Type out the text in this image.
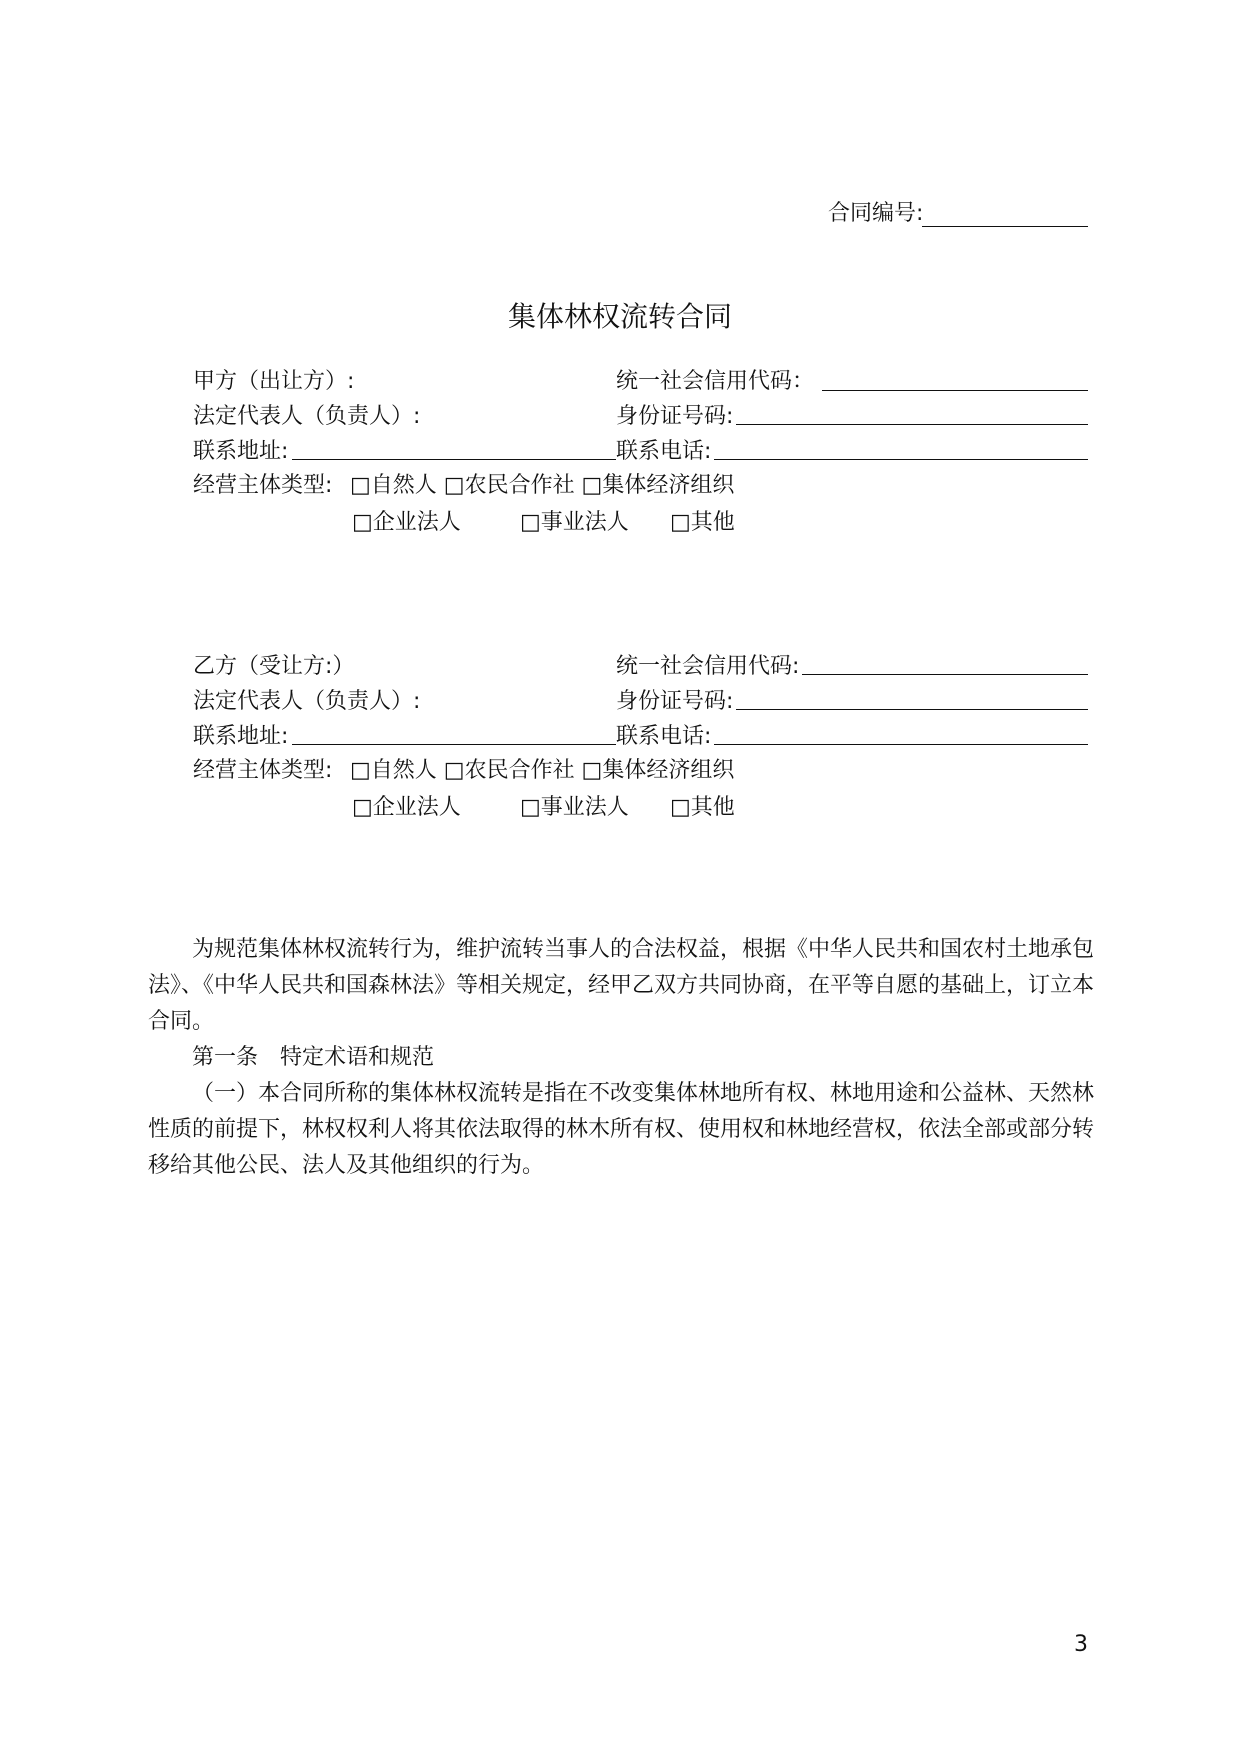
合同编号:
集体林权流转合同
甲方（出让方）:	统一社会信用代码：
法定代表人（负责人）:	身份证号码:
联系地址:	联系电话:
经营主体类型: □自然人 □农民合作社 □集体经济组织
□企业法人	□事业法人 □其他
乙方（受让方:）	统一社会信用代码:
法定代表人（负责人）:	身份证号码:
联系地址:	联系电话:
经营主体类型: □自然人 □农民合作社 □集体经济组织
□企业法人	□事业法人 □其他

为规范集体林权流转行为，维护流转当事人的合法权益，根据《中华人民共和国农村土地承包法》、《中华人民共和国森林法》等相关规定，经甲乙双方共同协商，在平等自愿的基础上，订立本合同。

第一条　特定术语和规范

（一）本合同所称的集体林权流转是指在不改变集体林地所有权、林地用途和公益林、天然林性质的前提下，林权权利人将其依法取得的林木所有权、使用权和林地经营权，依法全部或部分转移给其他公民、法人及其他组织的行为。

3
